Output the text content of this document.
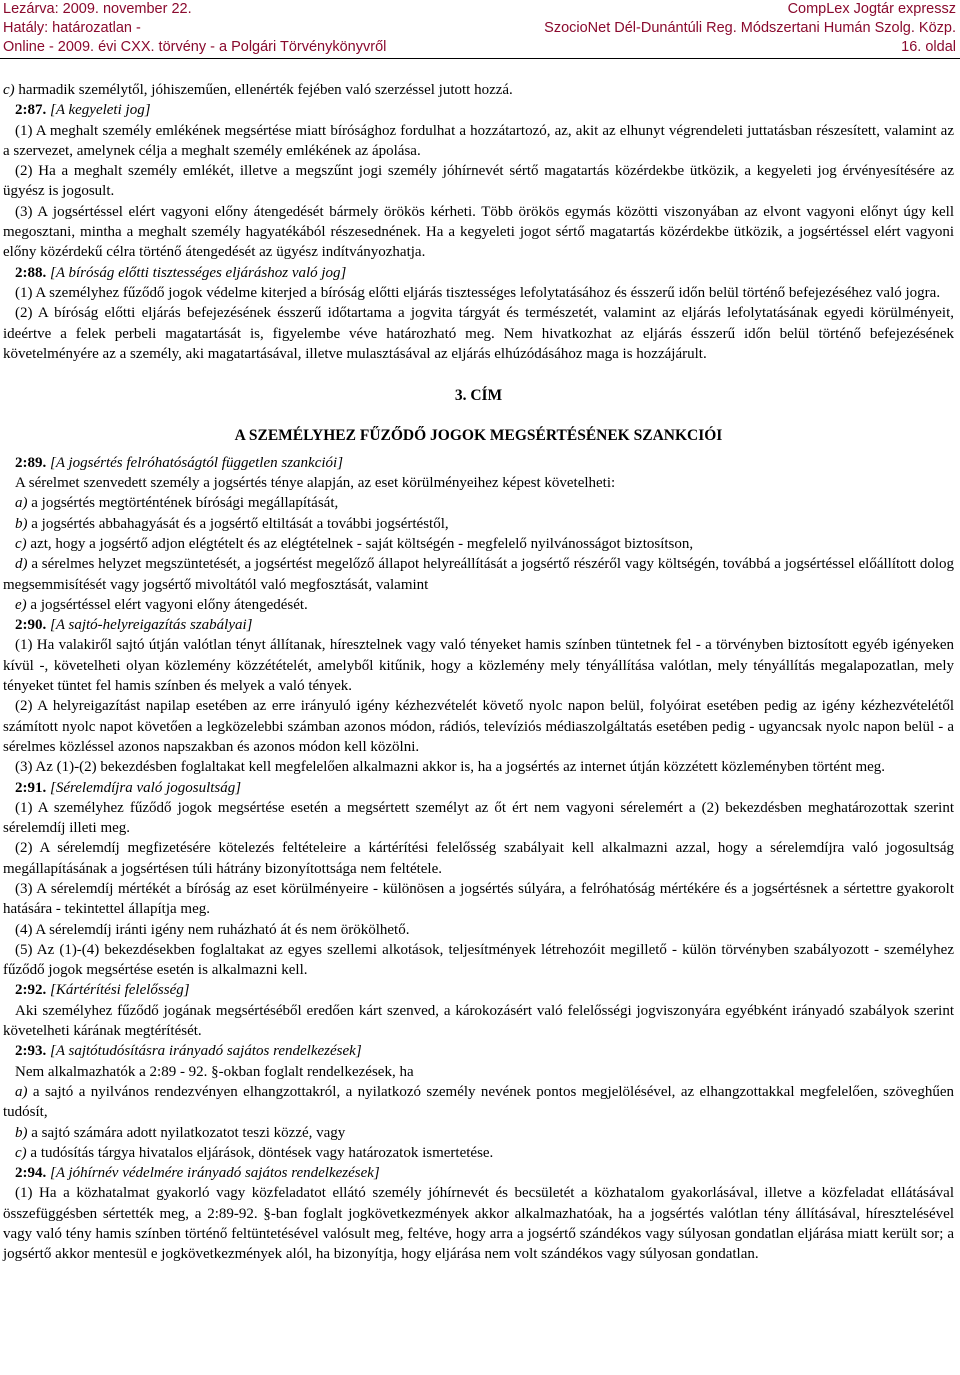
Lezárva: 2009. november 22.
Hatály: határozatlan -
Online - 2009. évi CXX. törvény - a Polgári Törvénykönyvről
CompLex Jogtár expressz
SzocioNet Dél-Dunántúli Reg. Módszertani Humán Szolg. Közp.
16. oldal

c) harmadik személytől, jóhiszeműen, ellenérték fejében való szerzéssel jutott hozzá.

2:87. [A kegyeleti jog]

(1) A meghalt személy emlékének megsértése miatt bírósághoz fordulhat a hozzátartozó, az, akit az elhunyt végrendeleti juttatásban részesített, valamint az a szervezet, amelynek célja a meghalt személy emlékének az ápolása.

(2) Ha a meghalt személy emlékét, illetve a megszűnt jogi személy jóhírnevét sértő magatartás közérdekbe ütközik, a kegyeleti jog érvényesítésére az ügyész is jogosult.

(3) A jogsértéssel elért vagyoni előny átengedését bármely örökös kérheti. Több örökös egymás közötti viszonyában az elvont vagyoni előnyt úgy kell megosztani, mintha a meghalt személy hagyatékából részesednének. Ha a kegyeleti jogot sértő magatartás közérdekbe ütközik, a jogsértéssel elért vagyoni előny közérdekű célra történő átengedését az ügyész indítványozhatja.

2:88. [A bíróság előtti tisztességes eljáráshoz való jog]

(1) A személyhez fűződő jogok védelme kiterjed a bíróság előtti eljárás tisztességes lefolytatásához és ésszerű időn belül történő befejezéséhez való jogra.

(2) A bíróság előtti eljárás befejezésének ésszerű időtartama a jogvita tárgyát és természetét, valamint az eljárás lefolytatásának egyedi körülményeit, ideértve a felek perbeli magatartását is, figyelembe véve határozható meg. Nem hivatkozhat az eljárás ésszerű időn belül történő befejezésének követelményére az a személy, aki magatartásával, illetve mulasztásával az eljárás elhúzódásához maga is hozzájárult.

3. CÍM

A SZEMÉLYHEZ FŰZŐDŐ JOGOK MEGSÉRTÉSÉNEK SZANKCIÓI

2:89. [A jogsértés felróhatóságtól független szankciói]

A sérelmet szenvedett személy a jogsértés ténye alapján, az eset körülményeihez képest követelheti:

a) a jogsértés megtörténtének bírósági megállapítását,

b) a jogsértés abbahagyását és a jogsértő eltiltását a további jogsértéstől,

c) azt, hogy a jogsértő adjon elégtételt és az elégtételnek - saját költségén - megfelelő nyilvánosságot biztosítson,

d) a sérelmes helyzet megszüntetését, a jogsértést megelőző állapot helyreállítását a jogsértő részéről vagy költségén, továbbá a jogsértéssel előállított dolog megsemmisítését vagy jogsértő mivoltától való megfosztását, valamint

e) a jogsértéssel elért vagyoni előny átengedését.

2:90. [A sajtó-helyreigazítás szabályai]

(1) Ha valakiről sajtó útján valótlan tényt állítanak, híresztelnek vagy való tényeket hamis színben tüntetnek fel - a törvényben biztosított egyéb igényeken kívül -, követelheti olyan közlemény közzétételét, amelyből kitűnik, hogy a közlemény mely tényállítása valótlan, mely tényállítás megalapozatlan, mely tényeket tüntet fel hamis színben és melyek a való tények.

(2) A helyreigazítást napilap esetében az erre irányuló igény kézhezvételét követő nyolc napon belül, folyóirat esetében pedig az igény kézhezvételétől számított nyolc napot követően a legközelebbi számban azonos módon, rádiós, televíziós médiaszolgáltatás esetében pedig - ugyancsak nyolc napon belül - a sérelmes közléssel azonos napszakban és azonos módon kell közölni.

(3) Az (1)-(2) bekezdésben foglaltakat kell megfelelően alkalmazni akkor is, ha a jogsértés az internet útján közzétett közleményben történt meg.

2:91. [Sérelemdíjra való jogosultság]

(1) A személyhez fűződő jogok megsértése esetén a megsértett személyt az őt ért nem vagyoni sérelemért a (2) bekezdésben meghatározottak szerint sérelemdíj illeti meg.

(2) A sérelemdíj megfizetésére kötelezés feltételeire a kártérítési felelősség szabályait kell alkalmazni azzal, hogy a sérelemdíjra való jogosultság megállapításának a jogsértésen túli hátrány bizonyítottsága nem feltétele.

(3) A sérelemdíj mértékét a bíróság az eset körülményeire - különösen a jogsértés súlyára, a felróhatóság mértékére és a jogsértésnek a sértettre gyakorolt hatására - tekintettel állapítja meg.

(4) A sérelemdíj iránti igény nem ruházható át és nem örökölhető.

(5) Az (1)-(4) bekezdésekben foglaltakat az egyes szellemi alkotások, teljesítmények létrehozóit megillető - külön törvényben szabályozott - személyhez fűződő jogok megsértése esetén is alkalmazni kell.

2:92. [Kártérítési felelősség]

Aki személyhez fűződő jogának megsértéséből eredően kárt szenved, a károkozásért való felelősségi jogviszonyára egyébként irányadó szabályok szerint követelheti kárának megtérítését.

2:93. [A sajtótudósításra irányadó sajátos rendelkezések]

Nem alkalmazhatók a 2:89 - 92. §-okban foglalt rendelkezések, ha

a) a sajtó a nyilvános rendezvényen elhangzottakról, a nyilatkozó személy nevének pontos megjelölésével, az elhangzottakkal megfelelően, szöveghűen tudósít,

b) a sajtó számára adott nyilatkozatot teszi közzé, vagy

c) a tudósítás tárgya hivatalos eljárások, döntések vagy határozatok ismertetése.

2:94. [A jóhírnév védelmére irányadó sajátos rendelkezések]

(1) Ha a közhatalmat gyakorló vagy közfeladatot ellátó személy jóhírnevét és becsületét a közhatalom gyakorlásával, illetve a közfeladat ellátásával összefüggésben sértették meg, a 2:89-92. §-ban foglalt jogkövetkezmények akkor alkalmazhatóak, ha a jogsértés valótlan tény állításával, híresztelésével vagy való tény hamis színben történő feltüntetésével valósult meg, feltéve, hogy arra a jogsértő szándékos vagy súlyosan gondatlan eljárása miatt került sor; a jogsértő akkor mentesül e jogkövetkezmények alól, ha bizonyítja, hogy eljárása nem volt szándékos vagy súlyosan gondatlan.
